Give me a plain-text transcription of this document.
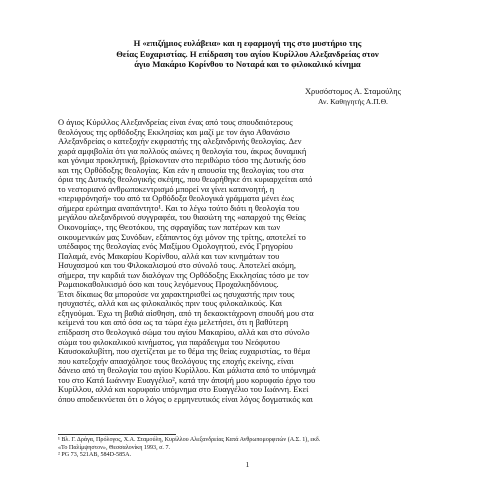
Η «επιζήμιος ευλάβεια» και η εφαρμογή της στο μυστήριο της
Θείας Ευχαριστίας. Η επίδραση του αγίου Κυρίλλου Αλεξανδρείας στον
άγιο Μακάριο Κορίνθου το Νοταρά και το φιλοκαλικό κίνημα
Χρυσόστομος Α. Σταμούλης
Αν. Καθηγητής Α.Π.Θ.
Ο άγιος Κύριλλος Αλεξανδρείας είναι ένας από τους σπουδαιότερους
θεολόγους της ορθόδοξης Εκκλησίας και μαζί με τον άγιο Αθανάσιο
Αλεξανδρείας ο κατεξοχήν εκφραστής της αλεξανδρινής θεολογίας. Δεν
χωρά αμφιβολία ότι για πολλούς αιώνες η θεολογία του, άκρως δυναμική
και γόνιμα προκλητική, βρίσκονταν στο περιθώριο τόσο της Δυτικής όσο
και της Ορθόδοξης θεολογίας. Και εάν η απουσία της θεολογίας του στα
όρια της Δυτικής θεολογικής σκέψης, που θεωρήθηκε ότι κυριαρχείται από
το νεστοριανό ανθρωποκεντρισμό μπορεί να γίνει κατανοητή, η
«περιφρόνησή» του από τα Ορθόδοξα θεολογικά γράμματα μένει έως
σήμερα ερώτημα αναπάντητο¹. Και το λέγω τούτο διότι η θεολογία του
μεγάλου αλεξανδρινού συγγραφέα, του θιασώτη της «απαρχού της Θείας
Οικονομίας», της Θεοτόκου, της σφραγίδας των πατέρων και των
οικουμενικών μας Συνόδων, εξάπαντος όχι μόνον της τρίτης, αποτελεί το
υπέδαφος της θεολογίας ενός Μαξίμου Ομολογητού, ενός Γρηγορίου
Παλαμά, ενός Μακαρίου Κορίνθου, αλλά και των κινημάτων του
Ησυχασμού και του Φιλοκαλισμού στο σύνολό τους. Αποτελεί ακόμη,
σήμερα, την καρδιά των διαλόγων της Ορθόδοξης Εκκλησίας τόσο με τον
Ρωμαιοκαθολικισμό όσο και τους λεγόμενους Προχαλκηδόνιους.
Έτσι δίκαιως θα μπορούσε να χαρακτηρισθεί ως ησυχαστής πριν τους
ησυχαστές, αλλά και ως φιλοκαλικός πριν τους φιλοκαλικούς. Και
εξηγούμαι. Έχω τη βαθιά αίσθηση, από τη δεκαοκτάχρονη σπουδή μου στα
κείμενά του και από όσα ως τα τώρα έχω μελετήσει, ότι η βαθύτερη
επίδραση στο θεολογικό σώμα του αγίου Μακαρίου, αλλά και στο σύνολο
σώμα του φιλοκαλικού κινήματος, για παράδειγμα του Νεόφυτου
Καυσοκαλυβίτη, που σχετίζεται με το θέμα της θείας ευχαριστίας, το θέμα
που κατεξοχήν απασχόλησε τους θεολόγους της εποχής εκείνης, είναι
δάνειο από τη θεολογία του αγίου Κυρίλλου. Και μάλιστα από το υπόμνημά
του στο Κατά Ιωάννην Ευαγγέλιο², κατά την άποψή μου κορυφαίο έργο του
Κυρίλλου, αλλά και κορυφαίο υπόμνημα στο Ευαγγέλιο του Ιωάννη. Εκεί
όπου αποδεικνύεται ότι ο λόγος ο ερμηνευτικός είναι λόγος δογματικός και
¹ Βλ. Γ. Δράγα, Πρόλογος, Χ.Α. Σταμούλη, Κυρίλλου Αλεξανδρείας Κατά Ανθρωπομορφιτών (Α.Σ. 1), εκδ.
«Το Παλίμψηστον», Θεσσαλονίκη 1993, σ. 7.
² PG 73, 521AB, 584D-585A.
1
